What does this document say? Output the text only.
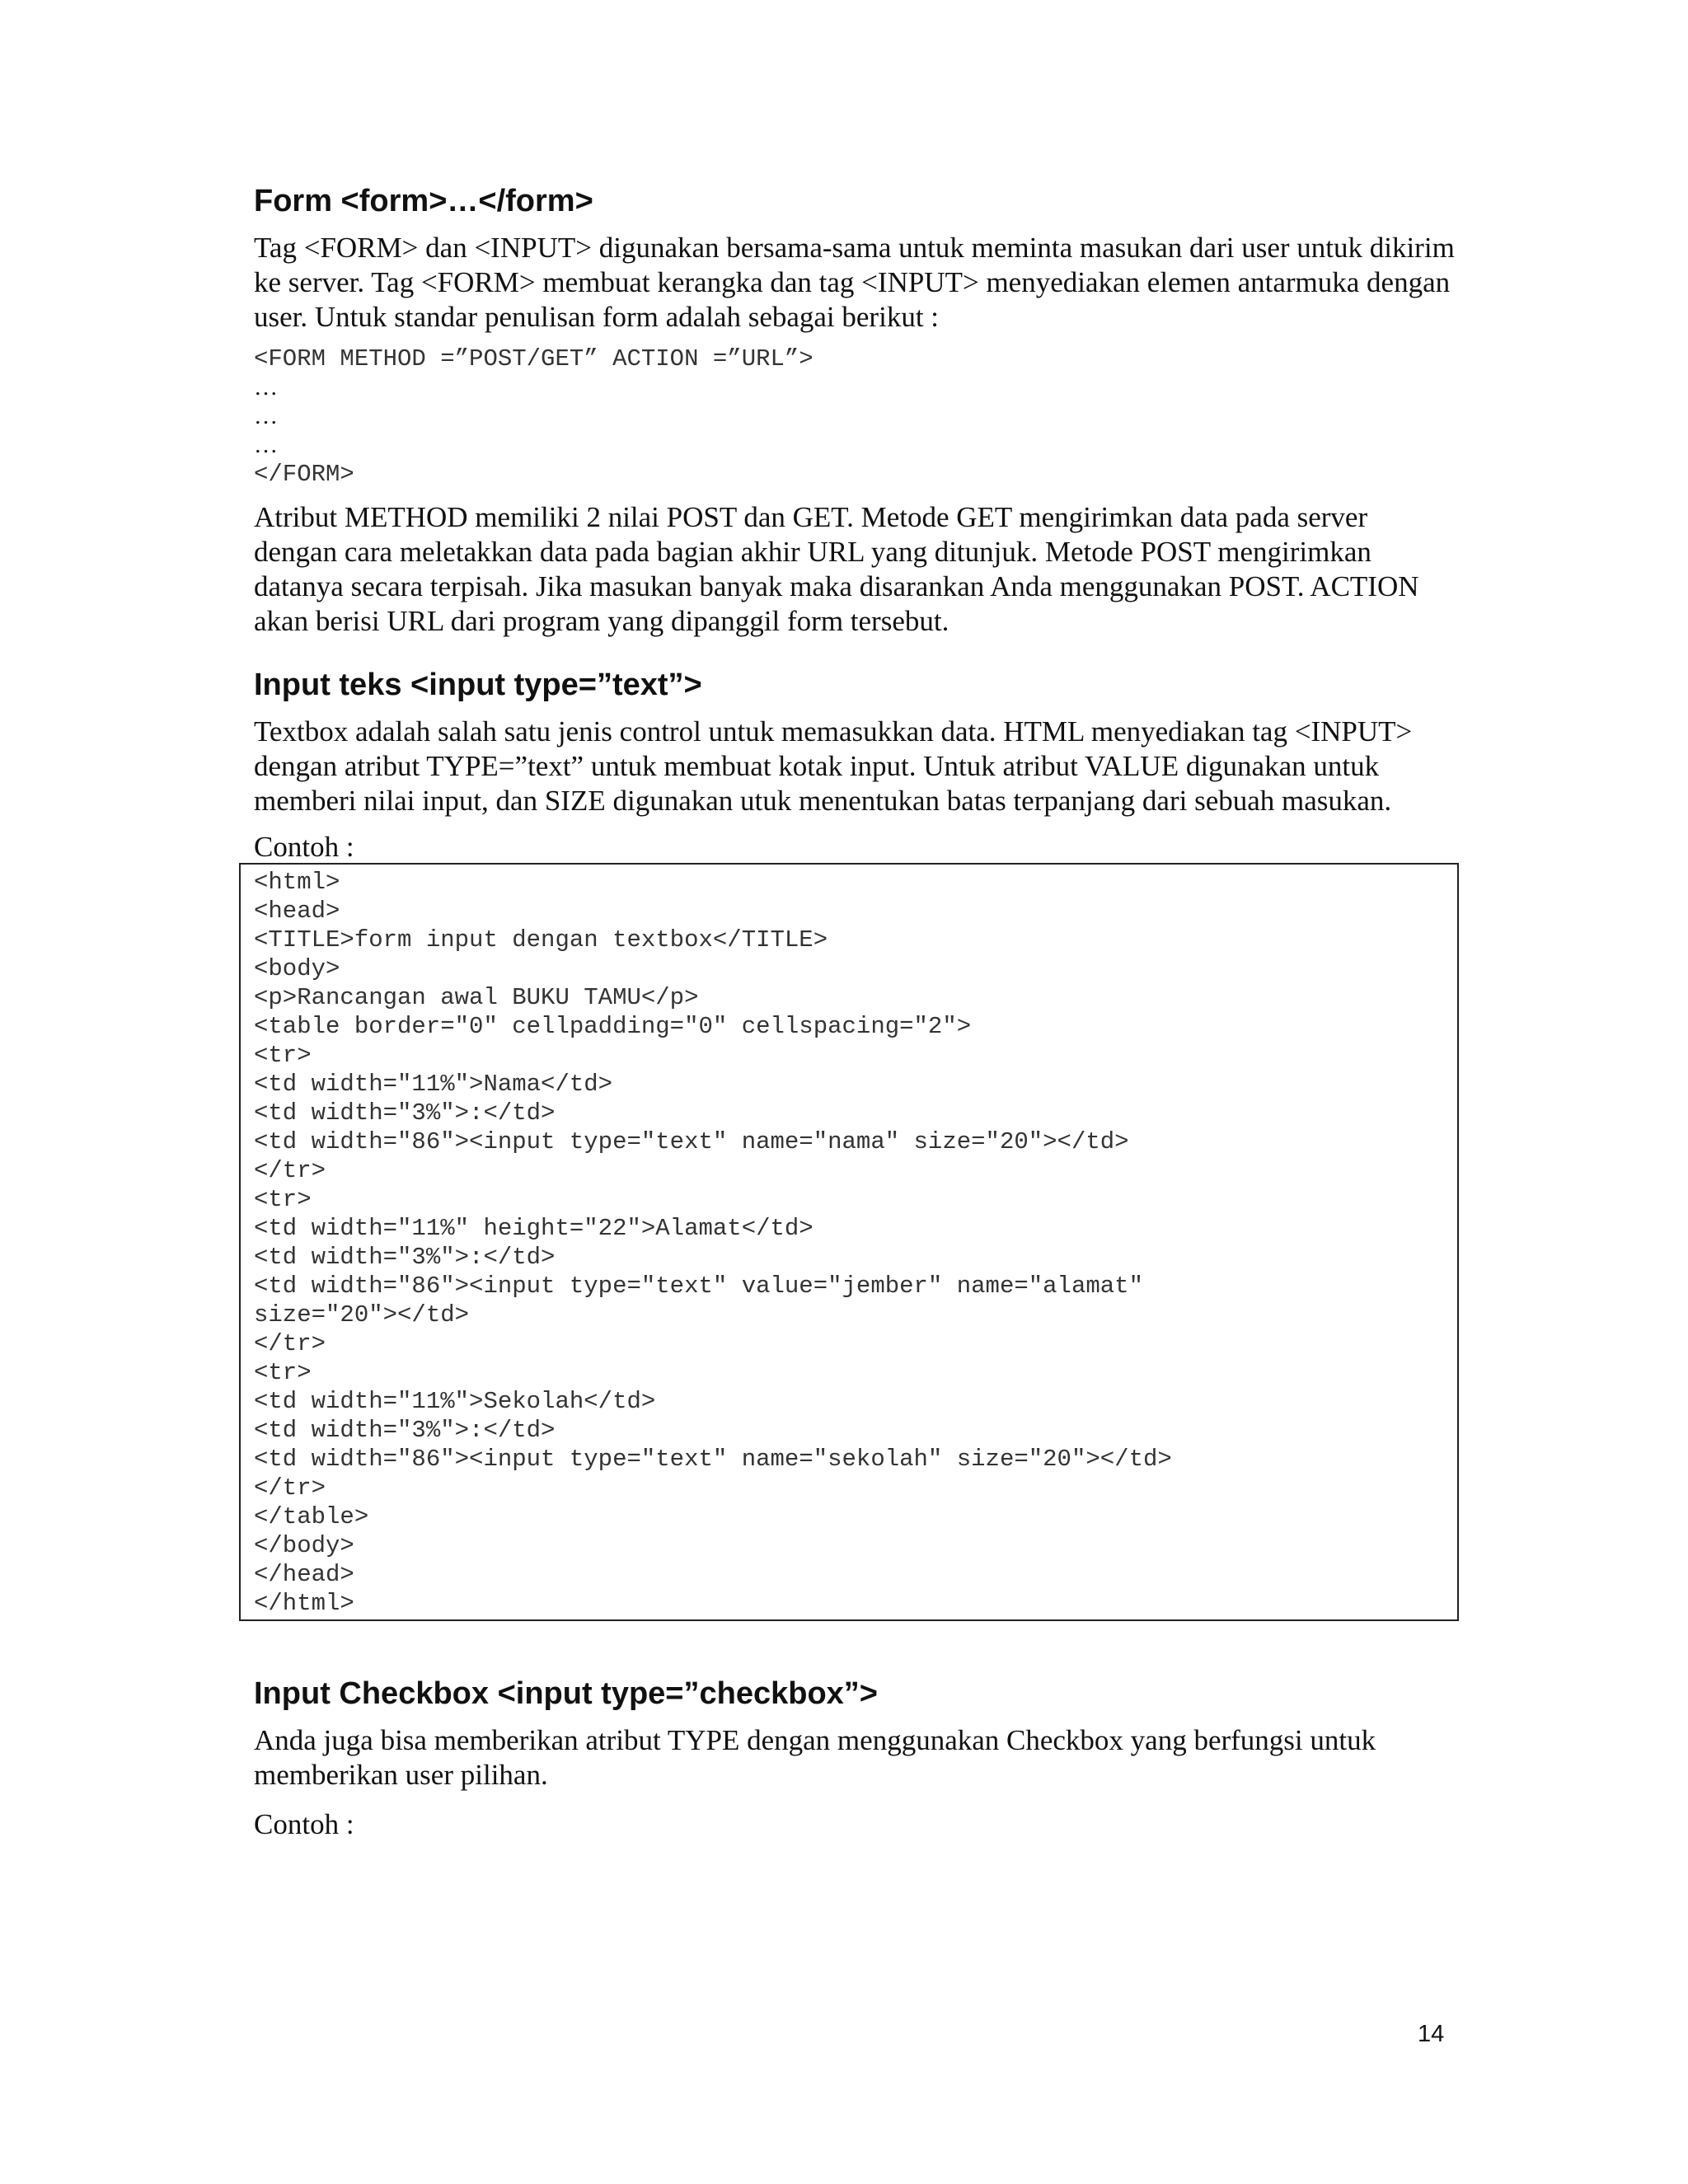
Form <form>…</form>

Tag <FORM> dan <INPUT> digunakan bersama-sama untuk meminta masukan dari user untuk dikirim ke server. Tag <FORM> membuat kerangka dan tag <INPUT> menyediakan elemen antarmuka dengan user. Untuk standar penulisan form adalah sebagai berikut :

<FORM METHOD =”POST/GET” ACTION =”URL”>
…
…
…
</FORM>

Atribut METHOD memiliki 2 nilai POST dan GET. Metode GET mengirimkan data pada server dengan cara meletakkan data pada bagian akhir URL yang ditunjuk. Metode POST mengirimkan datanya secara terpisah. Jika masukan banyak maka disarankan Anda menggunakan POST. ACTION akan berisi URL dari program yang dipanggil form tersebut.

Input teks <input type=”text”>

Textbox adalah salah satu jenis control untuk memasukkan data. HTML menyediakan tag <INPUT> dengan atribut TYPE=”text” untuk membuat kotak input. Untuk atribut VALUE digunakan untuk memberi nilai input, dan SIZE digunakan utuk menentukan batas terpanjang dari sebuah masukan.

Contoh :

<html>
<head>
<TITLE>form input dengan textbox</TITLE>
<body>
<p>Rancangan awal BUKU TAMU</p>
<table border="0" cellpadding="0" cellspacing="2">
<tr>
<td width="11%">Nama</td>
<td width="3%">:</td>
<td width="86"><input type="text" name="nama" size="20"></td>
</tr>
<tr>
<td width="11%" height="22">Alamat</td>
<td width="3%">:</td>
<td width="86"><input type="text" value="jember" name="alamat"
size="20"></td>
</tr>
<tr>
<td width="11%">Sekolah</td>
<td width="3%">:</td>
<td width="86"><input type="text" name="sekolah" size="20"></td>
</tr>
</table>
</body>
</head>
</html>
Input Checkbox <input type=”checkbox”>

Anda juga bisa memberikan atribut TYPE dengan menggunakan Checkbox yang berfungsi untuk memberikan user pilihan.

Contoh :

14
